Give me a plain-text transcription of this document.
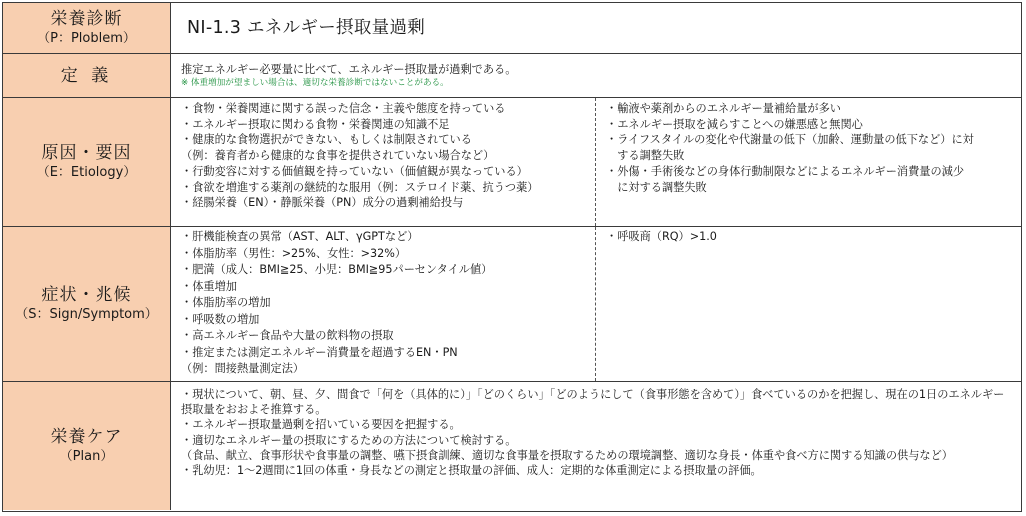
栄養診断
（P：Ploblem）
NI-1.3 エネルギー摂取量過剰
定 義	推定エネルギー必要量に比べて、エネルギー摂取量が過剰である。
※ 体重増加が望ましい場合は、適切な栄養診断ではないことがある。
原因・要因
（E：Etiology）
・食物・栄養関連に関する誤った信念・主義や態度を持っている
・エネルギー摂取に関わる食物・栄養関連の知識不足
・健康的な食物選択ができない、もしくは制限されている
（例：養育者から健康的な食事を提供されていない場合など）
・行動変容に対する価値観を持っていない（価値観が異なっている）
・食欲を増進する薬剤の継続的な服用（例：ステロイド薬、抗うつ薬）
・経腸栄養（EN）・静脈栄養（PN）成分の過剰補給投与
・輸液や薬剤からのエネルギー量補給量が多い
・エネルギー摂取を減らすことへの嫌悪感と無関心
・ライフスタイルの変化や代謝量の低下（加齢、運動量の低下など）に対
　する調整失敗
・外傷・手術後などの身体行動制限などによるエネルギー消費量の減少
　に対する調整失敗
症状・兆候
（S：Sign/Symptom）
・肝機能検査の異常（AST、ALT、γGPTなど）
・体脂肪率（男性：>25%、女性：>32%）
・肥満（成人：BMI≧25、小児：BMI≧95パーセンタイル値）
・体重増加
・体脂肪率の増加
・呼吸数の増加
・高エネルギー食品や大量の飲料物の摂取
・推定または測定エネルギー消費量を超過するEN・PN
（例：間接熱量測定法）
・呼吸商（RQ）>1.0
栄養ケア
（Plan）
・現状について、朝、昼、夕、間食で「何を（具体的に）」「どのくらい」「どのようにして（食事形態を含めて）」食べているのかを把握し、現在の1日のエネルギー摂取量をおおよそ推算する。
・エネルギー摂取量過剰を招いている要因を把握する。
・適切なエネルギー量の摂取にするための方法について検討する。
（食品、献立、食事形状や食事量の調整、嚥下摂食訓練、適切な食事量を摂取するための環境調整、適切な身長・体重や食べ方に関する知識の供与など）
・乳幼児：1～2週間に1回の体重・身長などの測定と摂取量の評価、成人：定期的な体重測定による摂取量の評価。
